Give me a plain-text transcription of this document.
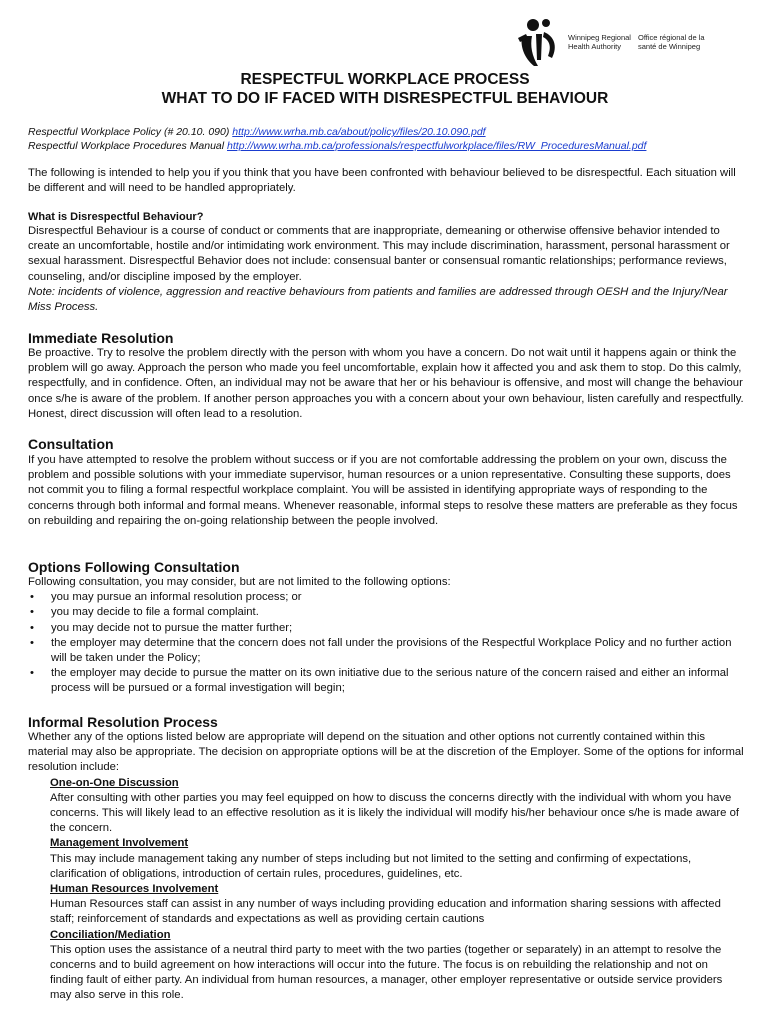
Winnipeg Regional Health Authority
Office régional de la santé de Winnipeg
RESPECTFUL WORKPLACE PROCESS
WHAT TO DO IF FACED WITH DISRESPECTFUL BEHAVIOUR
Respectful Workplace Policy (# 20.10. 090) http://www.wrha.mb.ca/about/policy/files/20.10.090.pdf
Respectful Workplace Procedures Manual http://www.wrha.mb.ca/professionals/respectfulworkplace/files/RW_ProceduresManual.pdf
The following is intended to help you if you think that you have been confronted with behaviour believed to be disrespectful. Each situation will be different and will need to be handled appropriately.
What is Disrespectful Behaviour?
Disrespectful Behaviour is a course of conduct or comments that are inappropriate, demeaning or otherwise offensive behavior intended to create an uncomfortable, hostile and/or intimidating work environment. This may include discrimination, harassment, personal harassment or sexual harassment. Disrespectful Behavior does not include: consensual banter or consensual romantic relationships; performance reviews, counseling, and/or discipline imposed by the employer.
Note: incidents of violence, aggression and reactive behaviours from patients and families are addressed through OESH and the Injury/Near Miss Process.
Immediate Resolution
Be proactive. Try to resolve the problem directly with the person with whom you have a concern. Do not wait until it happens again or think the problem will go away. Approach the person who made you feel uncomfortable, explain how it affected you and ask them to stop. Do this calmly, respectfully, and in confidence. Often, an individual may not be aware that her or his behaviour is offensive, and most will change the behaviour once s/he is aware of the problem. If another person approaches you with a concern about your own behaviour, listen carefully and respectfully. Honest, direct discussion will often lead to a resolution.
Consultation
If you have attempted to resolve the problem without success or if you are not comfortable addressing the problem on your own, discuss the problem and possible solutions with your immediate supervisor, human resources or a union representative. Consulting these supports, does not commit you to filing a formal respectful workplace complaint. You will be assisted in identifying appropriate ways of responding to the concerns through both informal and formal means. Whenever reasonable, informal steps to resolve these matters are preferable as they focus on rebuilding and repairing the on-going relationship between the people involved.
Options Following Consultation
Following consultation, you may consider, but are not limited to the following options:
• you may pursue an informal resolution process; or
• you may decide to file a formal complaint.
• you may decide not to pursue the matter further;
• the employer may determine that the concern does not fall under the provisions of the Respectful Workplace Policy and no further action will be taken under the Policy;
• the employer may decide to pursue the matter on its own initiative due to the serious nature of the concern raised and either an informal process will be pursued or a formal investigation will begin;
Informal Resolution Process
Whether any of the options listed below are appropriate will depend on the situation and other options not currently contained within this material may also be appropriate. The decision on appropriate options will be at the discretion of the Employer. Some of the options for informal resolution include:
One-on-One Discussion
After consulting with other parties you may feel equipped on how to discuss the concerns directly with the individual with whom you have concerns. This will likely lead to an effective resolution as it is likely the individual will modify his/her behaviour once s/he is made aware of the concern.
Management Involvement
This may include management taking any number of steps including but not limited to the setting and confirming of expectations, clarification of obligations, introduction of certain rules, procedures, guidelines, etc.
Human Resources Involvement
Human Resources staff can assist in any number of ways including providing education and information sharing sessions with affected staff; reinforcement of standards and expectations as well as providing certain cautions
Conciliation/Mediation
This option uses the assistance of a neutral third party to meet with the two parties (together or separately) in an attempt to resolve the concerns and to build agreement on how interactions will occur into the future. The focus is on rebuilding the relationship and not on finding fault of either party. An individual from human resources, a manager, other employer representative or outside service providers may also serve in this role.
